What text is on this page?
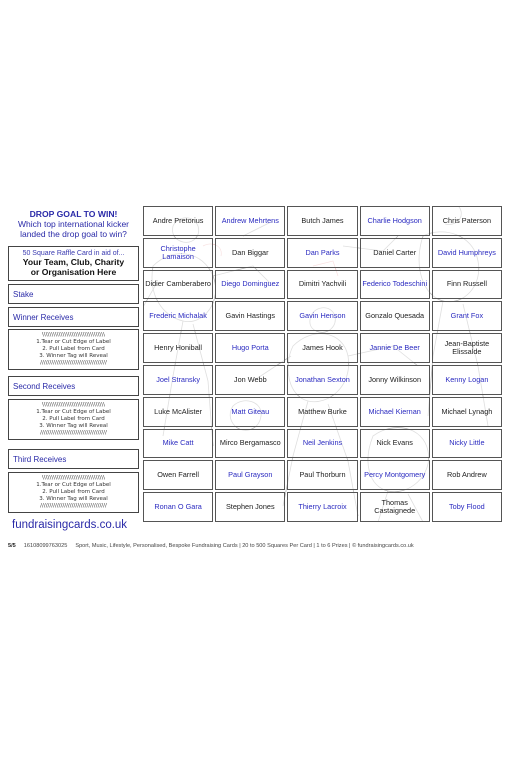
DROP GOAL TO WIN!
Which top international kicker
landed the drop goal to win?
50 Square Raffle Card in aid of...
Your Team, Club, Charity
or Organisation Here
Stake
Winner Receives
\\\\\\\\\\\\\\\\\\\\\\\\\\\\\\\\\\
1.Tear or Cut Edge of Label
2. Pull Label from Card
3. Winner Tag will Reveal
////////////////////////////////////
Second Receives
\\\\\\\\\\\\\\\\\\\\\\\\\\\\\\\\\\
1.Tear or Cut Edge of Label
2. Pull Label from Card
3. Winner Tag will Reveal
////////////////////////////////////
Third Receives
\\\\\\\\\\\\\\\\\\\\\\\\\\\\\\\\\\
1.Tear or Cut Edge of Label
2. Pull Label from Card
3. Winner Tag will Reveal
////////////////////////////////////
fundraisingcards.co.uk
Andre Pretorius	Andrew Mehrtens	Butch James	Charlie Hodgson	Chris Paterson
Christophe Lamaison	Dan Biggar	Dan Parks	Daniel Carter	David Humphreys
Didier Camberabero	Diego Dominguez	Dimitri Yachvili	Federico Todeschini	Finn Russell
Frederic Michalak	Gavin Hastings	Gavin Henson	Gonzalo Quesada	Grant Fox
Henry Honiball	Hugo Porta	James Hook	Jannie De Beer	Jean-Baptiste Elissalde
Joel Stransky	Jon Webb	Jonathan Sexton	Jonny Wilkinson	Kenny Logan
Luke McAlister	Matt Giteau	Matthew Burke	Michael Kiernan	Michael Lynagh
Mike Catt	Mirco Bergamasco	Neil Jenkins	Nick Evans	Nicky Little
Owen Farrell	Paul Grayson	Paul Thorburn	Percy Montgomery	Rob Andrew
Ronan O Gara	Stephen Jones	Thierry Lacroix	Thomas Castaignede	Toby Flood
5/5 16108099763025 Sport, Music, Lifestyle, Personalised, Bespoke Fundraising Cards | 20 to 500 Squares Per Card | 1 to 6 Prizes | © fundraisingcards.co.uk
